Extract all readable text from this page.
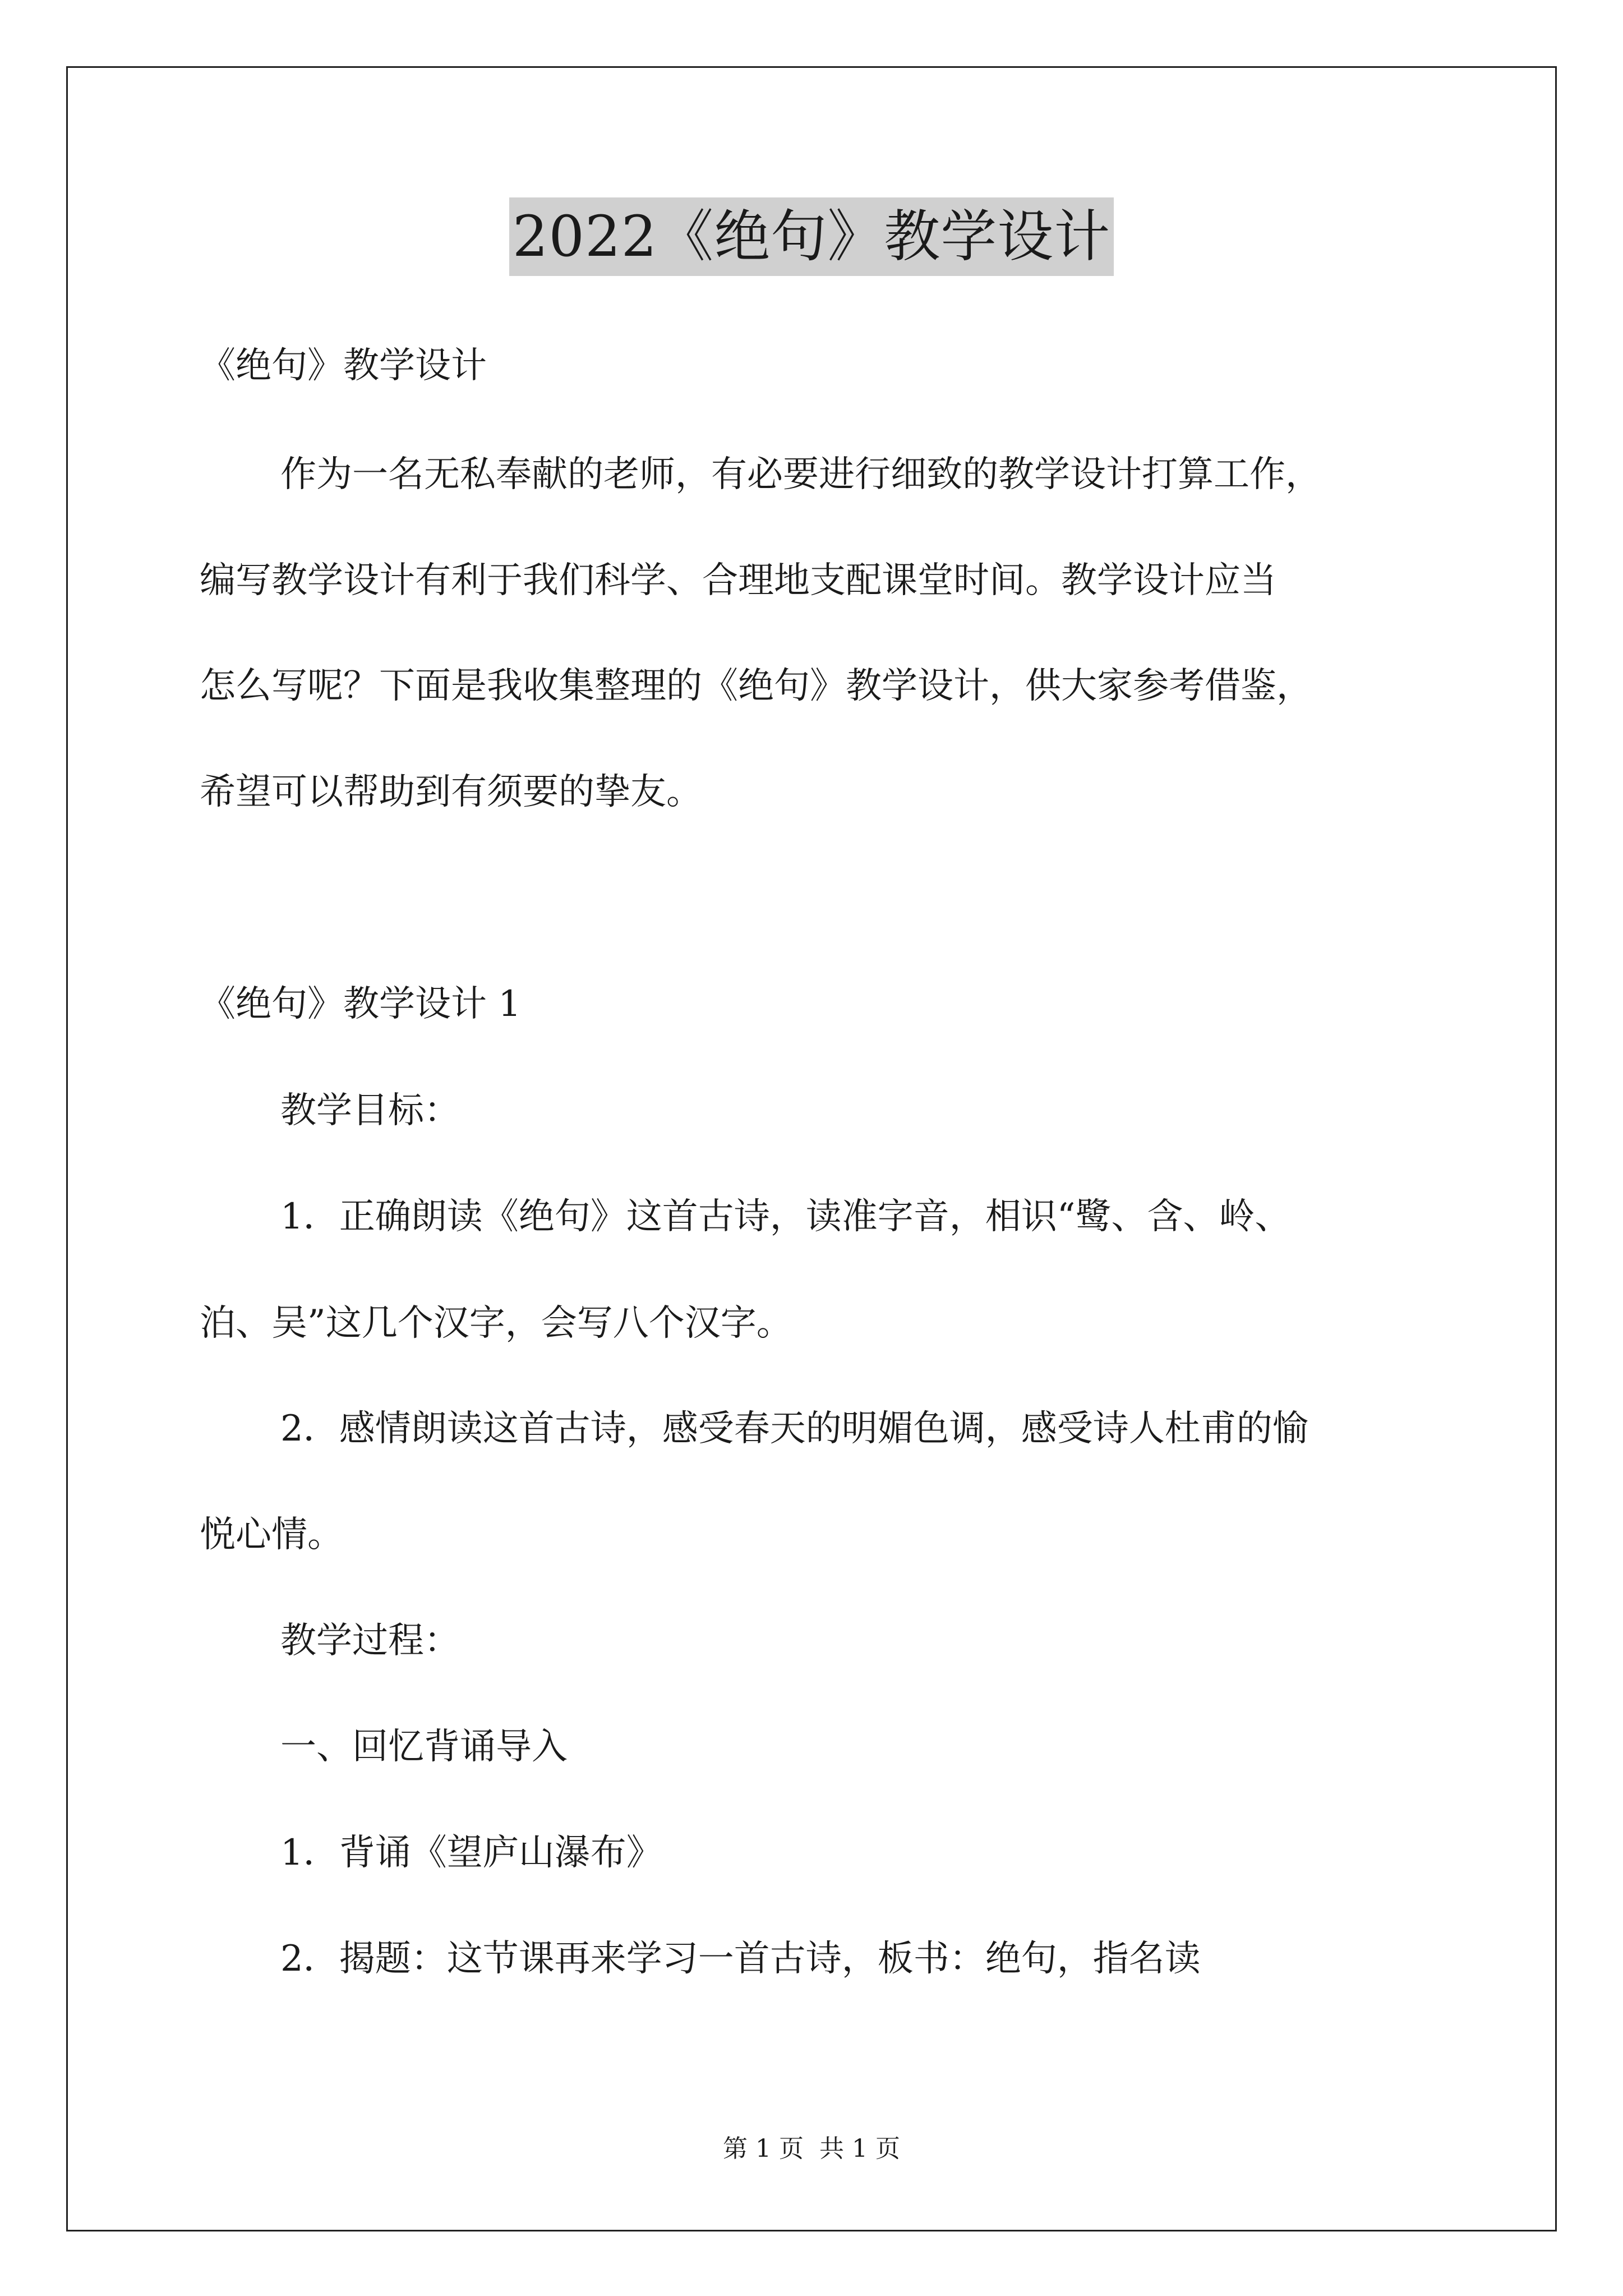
2022《绝句》教学设计
《绝句》教学设计
作为一名无私奉献的老师，有必要进行细致的教学设计打算工作，
编写教学设计有利于我们科学、合理地支配课堂时间。教学设计应当
怎么写呢？下面是我收集整理的《绝句》教学设计，供大家参考借鉴，
希望可以帮助到有须要的挚友。
《绝句》教学设计 1
教学目标：
1．正确朗读《绝句》这首古诗，读准字音，相识“鹭、含、岭、
泊、吴”这几个汉字，会写八个汉字。
2．感情朗读这首古诗，感受春天的明媚色调，感受诗人杜甫的愉
悦心情。
教学过程：
一、回忆背诵导入
1．背诵《望庐山瀑布》
2．揭题：这节课再来学习一首古诗，板书：绝句，指名读
第 1 页 共 1 页
